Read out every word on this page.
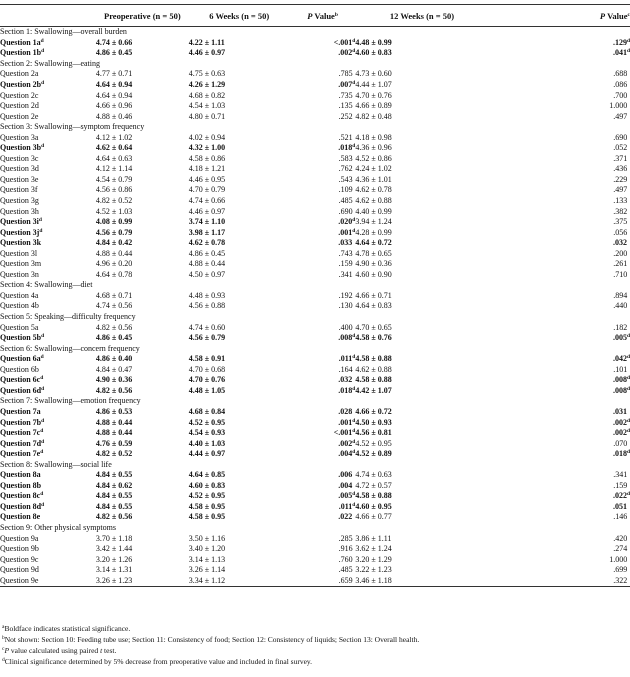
	Preoperative (n = 50)	6 Weeks (n = 50)	P Value$^b$	12 Weeks (n = 50)	P Value$^c$
Section 1: Swallowing—overall burden					
Question $1a^d$	4.74 ± 0.66	4.22 ± 1.11	<.001$^d$	4.48 ± 0.99	.129$^d$
Question $1b^d$	4.86 ± 0.45	4.46 ± 0.97	.002$^d$	4.60 ± 0.83	.041$^d$
Section 2: Swallowing—eating					
Question 2a	4.77 ± 0.71	4.75 ± 0.63	.785	4.73 ± 0.60	.688
Question $2b^d$	4.64 ± 0.94	4.26 ± 1.29	.007$^d$	4.44 ± 1.07	.086
Question 2c	4.64 ± 0.94	4.68 ± 0.82	.735	4.70 ± 0.76	.700
Question 2d	4.66 ± 0.96	4.54 ± 1.03	.135	4.66 ± 0.89	1.000
Question 2e	4.88 ± 0.46	4.80 ± 0.71	.252	4.82 ± 0.48	.497
Section 3: Swallowing—symptom frequency					
Question 3a	4.12 ± 1.02	4.02 ± 0.94	.521	4.18 ± 0.98	.690
Question $3b^d$	4.62 ± 0.64	4.32 ± 1.00	.018$^d$	4.36 ± 0.96	.052
Question 3c	4.64 ± 0.63	4.58 ± 0.86	.583	4.52 ± 0.86	.371
Question 3d	4.12 ± 1.14	4.18 ± 1.21	.762	4.24 ± 1.02	.436
Question 3e	4.54 ± 0.79	4.46 ± 0.95	.543	4.36 ± 1.01	.229
Question 3f	4.56 ± 0.86	4.70 ± 0.79	.109	4.62 ± 0.78	.497
Question 3g	4.82 ± 0.52	4.74 ± 0.66	.485	4.62 ± 0.88	.133
Question 3h	4.52 ± 1.03	4.46 ± 0.97	.690	4.40 ± 0.99	.382
Question $3i^d$	4.08 ± 0.99	3.74 ± 1.10	.020$^d$	3.94 ± 1.24	.375
Question $3j^d$	4.56 ± 0.79	3.98 ± 1.17	.001$^d$	4.28 ± 0.99	.056
Question 3k	4.84 ± 0.42	4.62 ± 0.78	.033	4.64 ± 0.72	.032
Question 3l	4.88 ± 0.44	4.86 ± 0.45	.743	4.78 ± 0.65	.200
Question 3m	4.96 ± 0.20	4.88 ± 0.44	.159	4.90 ± 0.36	.261
Question 3n	4.64 ± 0.78	4.50 ± 0.97	.341	4.60 ± 0.90	.710
Section 4: Swallowing—diet					
Question 4a	4.68 ± 0.71	4.48 ± 0.93	.192	4.66 ± 0.71	.894
Question 4b	4.74 ± 0.56	4.56 ± 0.88	.130	4.64 ± 0.83	.440
Section 5: Speaking—difficulty frequency					
Question 5a	4.82 ± 0.56	4.74 ± 0.60	.400	4.70 ± 0.65	.182
Question $5b^d$	4.86 ± 0.45	4.56 ± 0.79	.008$^d$	4.58 ± 0.76	.005$^d$
Section 6: Swallowing—concern frequency					
Question $6a^d$	4.86 ± 0.40	4.58 ± 0.91	.011$^d$	4.58 ± 0.88	.042$^d$
Question 6b	4.84 ± 0.47	4.70 ± 0.68	.164	4.62 ± 0.88	.101
Question $6c^d$	4.90 ± 0.36	4.70 ± 0.76	.032	4.58 ± 0.88	.008$^d$
Question $6d^d$	4.82 ± 0.56	4.48 ± 1.05	.018$^d$	4.42 ± 1.07	.008$^d$
Section 7: Swallowing—emotion frequency					
Question 7a	4.86 ± 0.53	4.68 ± 0.84	.028	4.66 ± 0.72	.031
Question $7b^d$	4.88 ± 0.44	4.52 ± 0.95	.001$^d$	4.50 ± 0.93	.002$^d$
Question $7c^d$	4.88 ± 0.44	4.54 ± 0.93	<.001$^d$	4.56 ± 0.81	.002$^d$
Question $7d^d$	4.76 ± 0.59	4.40 ± 1.03	.002$^d$	4.52 ± 0.95	.070
Question $7e^d$	4.82 ± 0.52	4.44 ± 0.97	.004$^d$	4.52 ± 0.89	.018$^d$
Section 8: Swallowing—social life					
Question 8a	4.84 ± 0.55	4.64 ± 0.85	.006	4.74 ± 0.63	.341
Question 8b	4.84 ± 0.62	4.60 ± 0.83	.004	4.72 ± 0.57	.159
Question $8c^d$	4.84 ± 0.55	4.52 ± 0.95	.005$^d$	4.58 ± 0.88	.022$^d$
Question $8d^d$	4.84 ± 0.55	4.58 ± 0.95	.011$^d$	4.60 ± 0.95	.051
Question 8e	4.82 ± 0.56	4.58 ± 0.95	.022	4.66 ± 0.77	.146
Section 9: Other physical symptoms					
Question 9a	3.70 ± 1.18	3.50 ± 1.16	.285	3.86 ± 1.11	.420
Question 9b	3.42 ± 1.44	3.40 ± 1.20	.916	3.62 ± 1.24	.274
Question 9c	3.20 ± 1.26	3.14 ± 1.13	.760	3.20 ± 1.29	1.000
Question 9d	3.14 ± 1.31	3.26 ± 1.14	.485	3.22 ± 1.23	.699
Question 9e	3.26 ± 1.23	3.34 ± 1.12	.659	3.46 ± 1.18	.322
$^a$Boldface indicates statistical significance.
$^b$Not shown: Section 10: Feeding tube use; Section 11: Consistency of food; Section 12: Consistency of liquids; Section 13: Overall health.
$^c$P value calculated using paired t test.
$^d$Clinical significance determined by 5% decrease from preoperative value and included in final survey.
